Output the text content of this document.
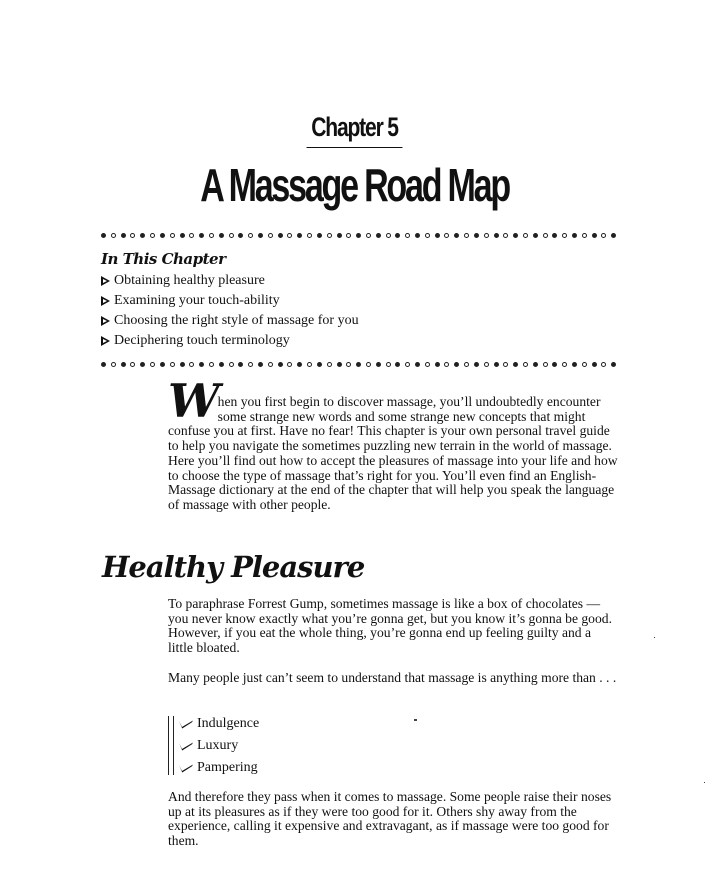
Chapter 5
A Massage Road Map
In This Chapter
Obtaining healthy pleasure
Examining your touch-ability
Choosing the right style of massage for you
Deciphering touch terminology

When you first begin to discover massage, you’ll undoubtedly encounter some strange new words and some strange new concepts that might confuse you at first. Have no fear! This chapter is your own personal travel guide to help you navigate the sometimes puzzling new terrain in the world of massage. Here you’ll find out how to accept the pleasures of massage into your life and how to choose the type of massage that’s right for you. You’ll even find an English-Massage dictionary at the end of the chapter that will help you speak the language of massage with other people.

Healthy Pleasure

To paraphrase Forrest Gump, sometimes massage is like a box of chocolates — you never know exactly what you’re gonna get, but you know it’s gonna be good. However, if you eat the whole thing, you’re gonna end up feeling guilty and a little bloated.

Many people just can’t seem to understand that massage is anything more than . . .

Indulgence
Luxury
Pampering

And therefore they pass when it comes to massage. Some people raise their noses up at its pleasures as if they were too good for it. Others shy away from the experience, calling it expensive and extravagant, as if massage were too good for them.
